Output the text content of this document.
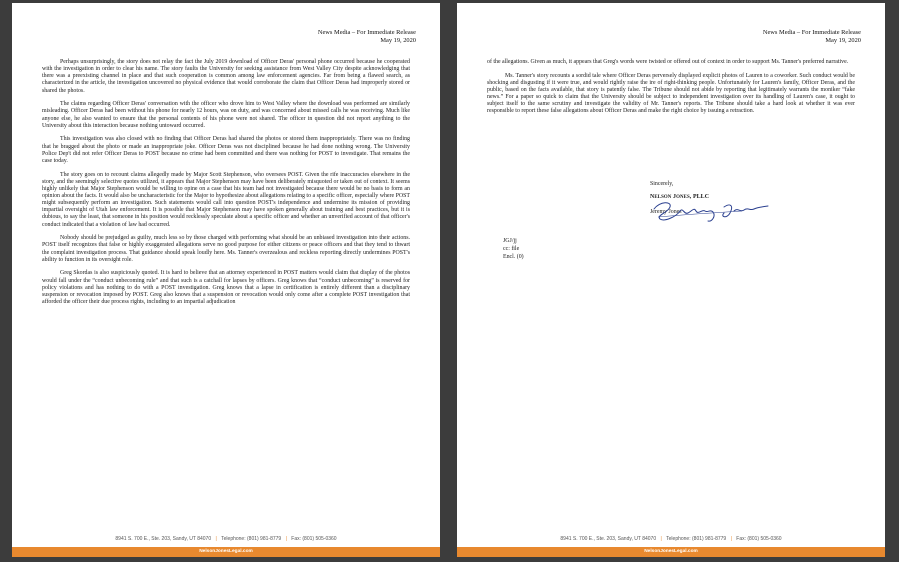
News Media – For Immediate Release
May 19, 2020

Perhaps unsurprisingly, the story does not relay the fact the July 2019 download of Officer Deras' personal phone occurred because he cooperated with the investigation in order to clear his name. The story faults the University for seeking assistance from West Valley City despite acknowledging that there was a preexisting channel in place and that such cooperation is common among law enforcement agencies. Far from being a flawed search, as characterized in the article, the investigation uncovered no physical evidence that would corroborate the claim that Officer Deras had improperly stored or shared the photos.

The claims regarding Officer Deras' conversation with the officer who drove him to West Valley where the download was performed are similarly misleading. Officer Deras had been without his phone for nearly 12 hours, was on duty, and was concerned about missed calls he was receiving. Much like anyone else, he also wanted to ensure that the personal contents of his phone were not shared. The officer in question did not report anything to the University about this interaction because nothing untoward occurred.

This investigation was also closed with no finding that Officer Deras had shared the photos or stored them inappropriately. There was no finding that he bragged about the photo or made an inappropriate joke. Officer Deras was not disciplined because he had done nothing wrong. The University Police Dep't did not refer Officer Deras to POST because no crime had been committed and there was nothing for POST to investigate. That remains the case today.

The story goes on to recount claims allegedly made by Major Scott Stephenson, who oversees POST. Given the rife inaccuracies elsewhere in the story, and the seemingly selective quotes utilized, it appears that Major Stephenson may have been deliberately misquoted or taken out of context. It seems highly unlikely that Major Stephenson would be willing to opine on a case that his team had not investigated because there would be no basis to form an opinion about the facts. It would also be uncharacteristic for the Major to hypothesize about allegations relating to a specific officer, especially where POST might subsequently perform an investigation. Such statements would call into question POST's independence and undermine its mission of providing impartial oversight of Utah law enforcement. It is possible that Major Stephenson may have spoken generally about training and best practices, but it is dubious, to say the least, that someone in his position would recklessly speculate about a specific officer and whether an unverified account of that officer's conduct indicated that a violation of law had occurred.

Nobody should be prejudged as guilty, much less so by those charged with performing what should be an unbiased investigation into their actions. POST itself recognizes that false or highly exaggerated allegations serve no good purpose for either citizens or peace officers and that they tend to thwart the complaint investigation process. That guidance should speak loudly here. Ms. Tanner's overzealous and reckless reporting directly undermines POST's ability to function in its oversight role.

Greg Skordas is also suspiciously quoted. It is hard to believe that an attorney experienced in POST matters would claim that display of the photos would fall under the “conduct unbecoming rule” and that such is a catchall for lapses by officers. Greg knows that “conduct unbecoming” is reserved for policy violations and has nothing to do with a POST investigation. Greg knows that a lapse in certification is entirely different than a disciplinary suspension or revocation imposed by POST. Greg also knows that a suspension or revocation would only come after a complete POST investigation that afforded the officer their due process rights, including to an impartial adjudication

8941 S. 700 E., Ste. 203, Sandy, UT 84070 | Telephone: (801) 981-8779 | Fax: (801) 505-0360
NelsonJonesLegal.com
News Media – For Immediate Release
May 19, 2020

of the allegations. Given as much, it appears that Greg's words were twisted or offered out of context in order to support Ms. Tanner's preferred narrative.

Ms. Tanner's story recounts a sordid tale where Officer Deras perversely displayed explicit photos of Lauren to a coworker. Such conduct would be shocking and disgusting if it were true, and would rightly raise the ire of right-thinking people. Unfortunately for Lauren's family, Officer Deras, and the public, based on the facts available, that story is patently false. The Tribune should not abide by reporting that legitimately warrants the moniker “fake news.” For a paper so quick to claim that the University should be subject to independent investigation over its handling of Lauren's case, it ought to subject itself to the same scrutiny and investigate the validity of Mr. Tanner's reports. The Tribune should take a hard look at whether it was ever responsible to report these false allegations about Officer Deras and make the right choice by issuing a retraction.

Sincerely,
NELSON JONES, PLLC
Jeremy Jones
JGJ/jj
cc: file
Encl. (0)
8941 S. 700 E., Ste. 203, Sandy, UT 84070 | Telephone: (801) 981-8779 | Fax: (801) 505-0360
NelsonJonesLegal.com
